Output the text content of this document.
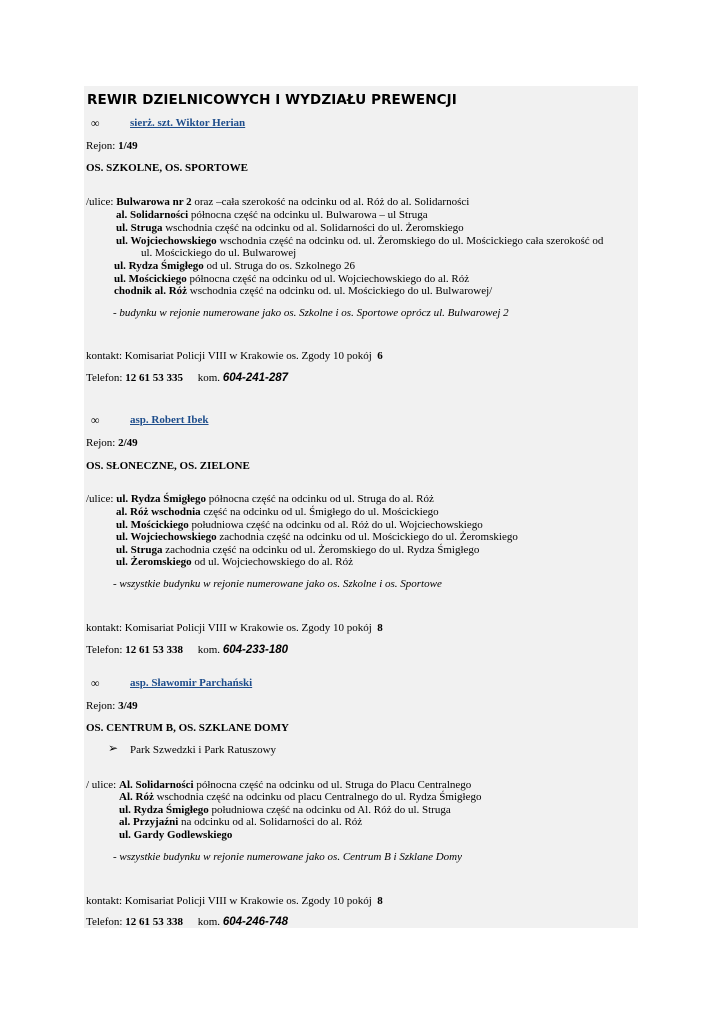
REWIR DZIELNICOWYCH I WYDZIAŁU PREWENCJI
∞	sierż. szt. Wiktor Herian
Rejon: 1/49
OS. SZKOLNE, OS. SPORTOWE
/ulice: Bulwarowa nr 2 oraz –cała szerokość na odcinku od al. Róż do al. Solidarności
al. Solidarności północna część na odcinku ul. Bulwarowa – ul Struga
ul. Struga wschodnia część na odcinku od al. Solidarności do ul. Żeromskiego
ul. Wojciechowskiego wschodnia część na odcinku od. ul. Żeromskiego do ul. Mościckiego cała szerokość od
ul. Mościckiego do ul. Bulwarowej
ul. Rydza Śmigłego od ul. Struga do os. Szkolnego 26
ul. Mościckiego północna część na odcinku od ul. Wojciechowskiego do al. Róż
chodnik al. Róż wschodnia część na odcinku od. ul. Mościckiego do ul. Bulwarowej/
- budynku w rejonie numerowane jako os. Szkolne i os. Sportowe oprócz ul. Bulwarowej 2
kontakt: Komisariat Policji VIII w Krakowie os. Zgody 10 pokój 6
Telefon: 12 61 53 335 kom. 604-241-287
∞	asp. Robert Ibek
Rejon: 2/49
OS. SŁONECZNE, OS. ZIELONE
/ulice: ul. Rydza Śmigłego północna część na odcinku od ul. Struga do al. Róż
al. Róż wschodnia część na odcinku od ul. Śmigłego do ul. Mościckiego
ul. Mościckiego południowa część na odcinku od al. Róż do ul. Wojciechowskiego
ul. Wojciechowskiego zachodnia część na odcinku od ul. Mościckiego do ul. Żeromskiego
ul. Struga zachodnia część na odcinku od ul. Żeromskiego do ul. Rydza Śmigłego
ul. Żeromskiego od ul. Wojciechowskiego do al. Róż
- wszystkie budynku w rejonie numerowane jako os. Szkolne i os. Sportowe
kontakt: Komisariat Policji VIII w Krakowie os. Zgody 10 pokój 8
Telefon: 12 61 53 338 kom. 604-233-180
∞	asp. Sławomir Parchański
Rejon: 3/49
OS. CENTRUM B, OS. SZKLANE DOMY
➢ Park Szwedzki i Park Ratuszowy
/ ulice: Al. Solidarności północna część na odcinku od ul. Struga do Placu Centralnego
Al. Róż wschodnia część na odcinku od placu Centralnego do ul. Rydza Śmigłego
ul. Rydza Śmigłego południowa część na odcinku od Al. Róż do ul. Struga
al. Przyjaźni na odcinku od al. Solidarności do al. Róż
ul. Gardy Godlewskiego
- wszystkie budynku w rejonie numerowane jako os. Centrum B i Szklane Domy
kontakt: Komisariat Policji VIII w Krakowie os. Zgody 10 pokój 8
Telefon: 12 61 53 338 kom. 604-246-748
